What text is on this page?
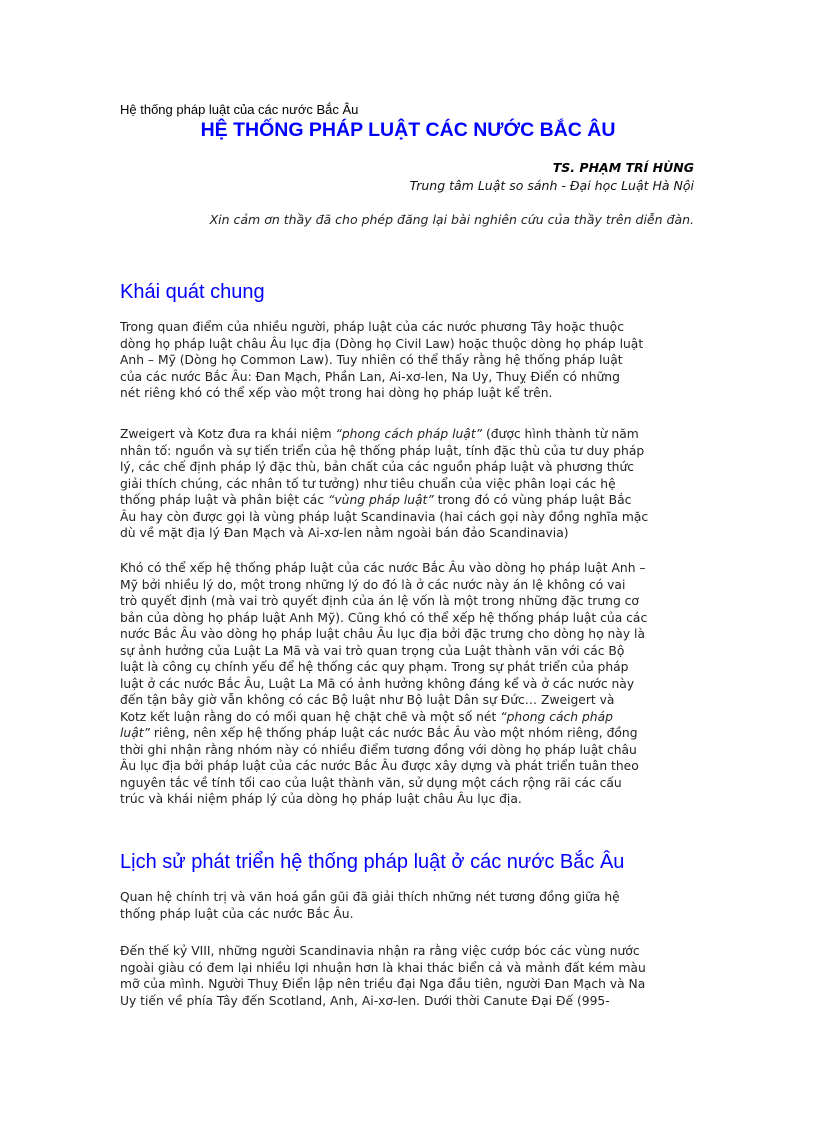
Hệ thống pháp luật của các nước Bắc Âu
HỆ THỐNG PHÁP LUẬT CÁC NƯỚC BẮC ÂU
TS. PHẠM TRÍ HÙNG
Trung tâm Luật so sánh - Đại học Luật Hà Nội
Xin cảm ơn thầy đã cho phép đăng lại bài nghiên cứu của thầy trên diễn đàn.
Khái quát chung
Trong quan điểm của nhiều người, pháp luật của các nước phương Tây hoặc thuộc
dòng họ pháp luật châu Âu lục địa (Dòng họ Civil Law) hoặc thuộc dòng họ pháp luật
Anh – Mỹ (Dòng họ Common Law). Tuy nhiên có thể thấy rằng hệ thống pháp luật
của các nước Bắc Âu: Đan Mạch, Phần Lan, Ai-xơ-len, Na Uy, Thuỵ Điển có những
nét riêng khó có thể xếp vào một trong hai dòng họ pháp luật kể trên.
Zweigert và Kotz đưa ra khái niệm “phong cách pháp luật” (được hình thành từ năm
nhân tố: nguồn và sự tiến triển của hệ thống pháp luật, tính đặc thù của tư duy pháp
lý, các chế định pháp lý đặc thù, bản chất của các nguồn pháp luật và phương thức
giải thích chúng, các nhân tố tư tưởng) như tiêu chuẩn của việc phân loại các hệ
thống pháp luật và phân biệt các “vùng pháp luật” trong đó có vùng pháp luật Bắc
Âu hay còn được gọi là vùng pháp luật Scandinavia (hai cách gọi này đồng nghĩa mặc
dù về mặt địa lý Đan Mạch và Ai-xơ-len nằm ngoài bán đảo Scandinavia)
Khó có thể xếp hệ thống pháp luật của các nước Bắc Âu vào dòng họ pháp luật Anh –
Mỹ bởi nhiều lý do, một trong những lý do đó là ở các nước này án lệ không có vai
trò quyết định (mà vai trò quyết định của án lệ vốn là một trong những đặc trưng cơ
bản của dòng họ pháp luật Anh Mỹ). Cũng khó có thể xếp hệ thống pháp luật của các
nước Bắc Âu vào dòng họ pháp luật châu Âu lục địa bởi đặc trưng cho dòng họ này là
sự ảnh hưởng của Luật La Mã và vai trò quan trọng của Luật thành văn với các Bộ
luật là công cụ chính yếu để hệ thống các quy phạm. Trong sự phát triển của pháp
luật ở các nước Bắc Âu, Luật La Mã có ảnh hưởng không đáng kể và ở các nước này
đến tận bây giờ vẫn không có các Bộ luật như Bộ luật Dân sự Đức… Zweigert và
Kotz kết luận rằng do có mối quan hệ chặt chẽ và một số nét “phong cách pháp
luật” riêng, nên xếp hệ thống pháp luật các nước Bắc Âu vào một nhóm riêng, đồng
thời ghi nhận rằng nhóm này có nhiều điểm tương đồng với dòng họ pháp luật châu
Âu lục địa bởi pháp luật của các nước Bắc Âu được xây dựng và phát triển tuân theo
nguyên tắc về tính tối cao của luật thành văn, sử dụng một cách rộng rãi các cấu
trúc và khái niệm pháp lý của dòng họ pháp luật châu Âu lục địa.
Lịch sử phát triển hệ thống pháp luật ở các nước Bắc Âu
Quan hệ chính trị và văn hoá gần gũi đã giải thích những nét tương đồng giữa hệ
thống pháp luật của các nước Bắc Âu.
Đến thế kỷ VIII, những người Scandinavia nhận ra rằng việc cướp bóc các vùng nước
ngoài giàu có đem lại nhiều lợi nhuận hơn là khai thác biển cả và mảnh đất kém màu
mỡ của mình. Người Thuỵ Điển lập nên triều đại Nga đầu tiên, người Đan Mạch và Na
Uy tiến về phía Tây đến Scotland, Anh, Ai-xơ-len. Dưới thời Canute Đại Đế (995-
